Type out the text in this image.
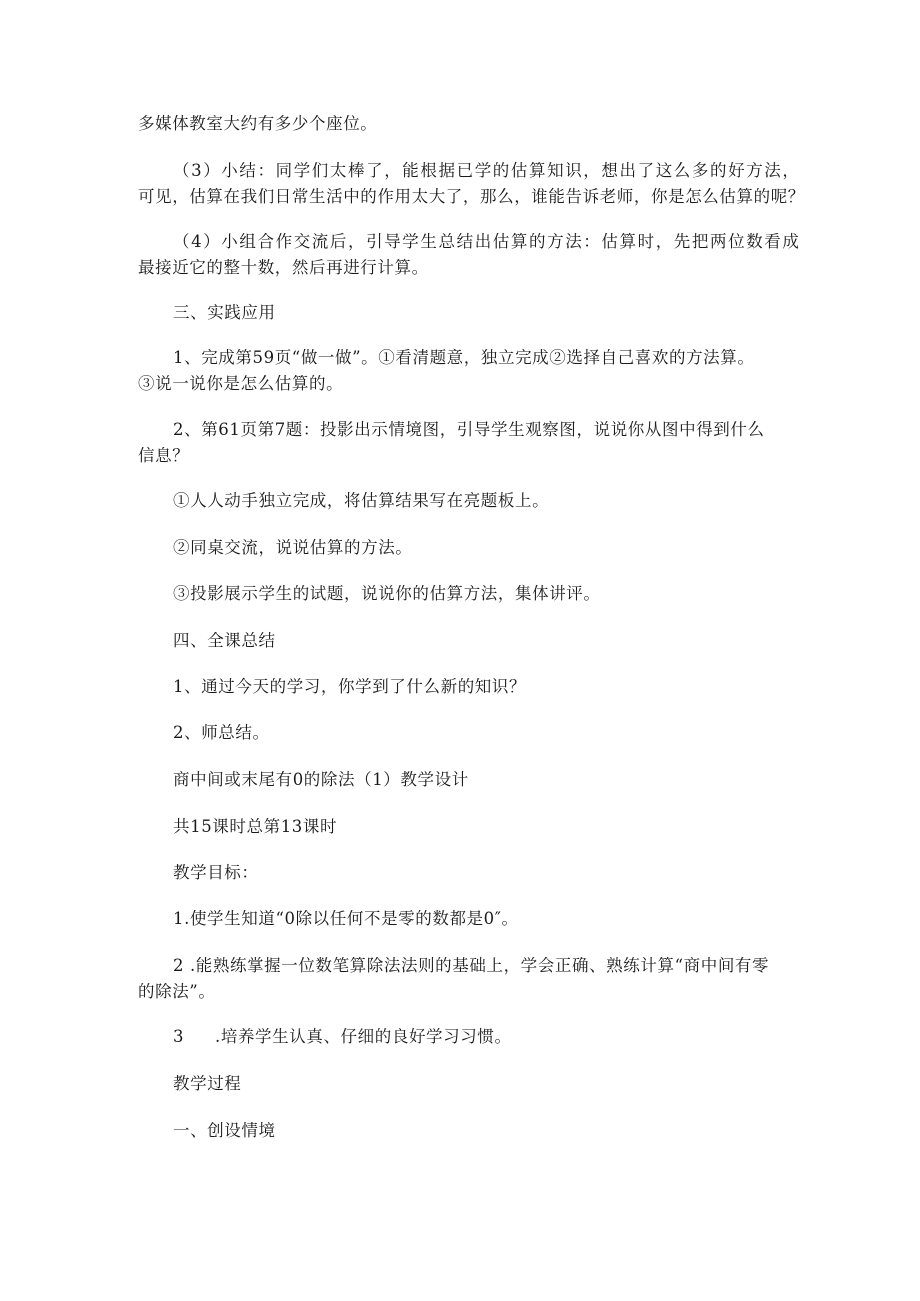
多媒体教室大约有多少个座位。
（3）小结：同学们太棒了，能根据已学的估算知识，想出了这么多的好方法，
可见，估算在我们日常生活中的作用太大了，那么，谁能告诉老师，你是怎么估算的呢？
（4）小组合作交流后，引导学生总结出估算的方法：估算时，先把两位数看成
最接近它的整十数，然后再进行计算。
三、实践应用
1、完成第59页“做一做”。①看清题意，独立完成②选择自己喜欢的方法算。
③说一说你是怎么估算的。
2、第61页第7题：投影出示情境图，引导学生观察图，说说你从图中得到什么
信息？
①人人动手独立完成，将估算结果写在亮题板上。
②同桌交流，说说估算的方法。
③投影展示学生的试题，说说你的估算方法，集体讲评。
四、全课总结
1、通过今天的学习，你学到了什么新的知识？
2、师总结。
商中间或末尾有0的除法（1）教学设计
共15课时总第13课时
教学目标：
1.使学生知道“0除以任何不是零的数都是0″。
2 .能熟练掌握一位数笔算除法法则的基础上，学会正确、熟练计算“商中间有零
的除法”。
3 .培养学生认真、仔细的良好学习习惯。
教学过程
一、创设情境
